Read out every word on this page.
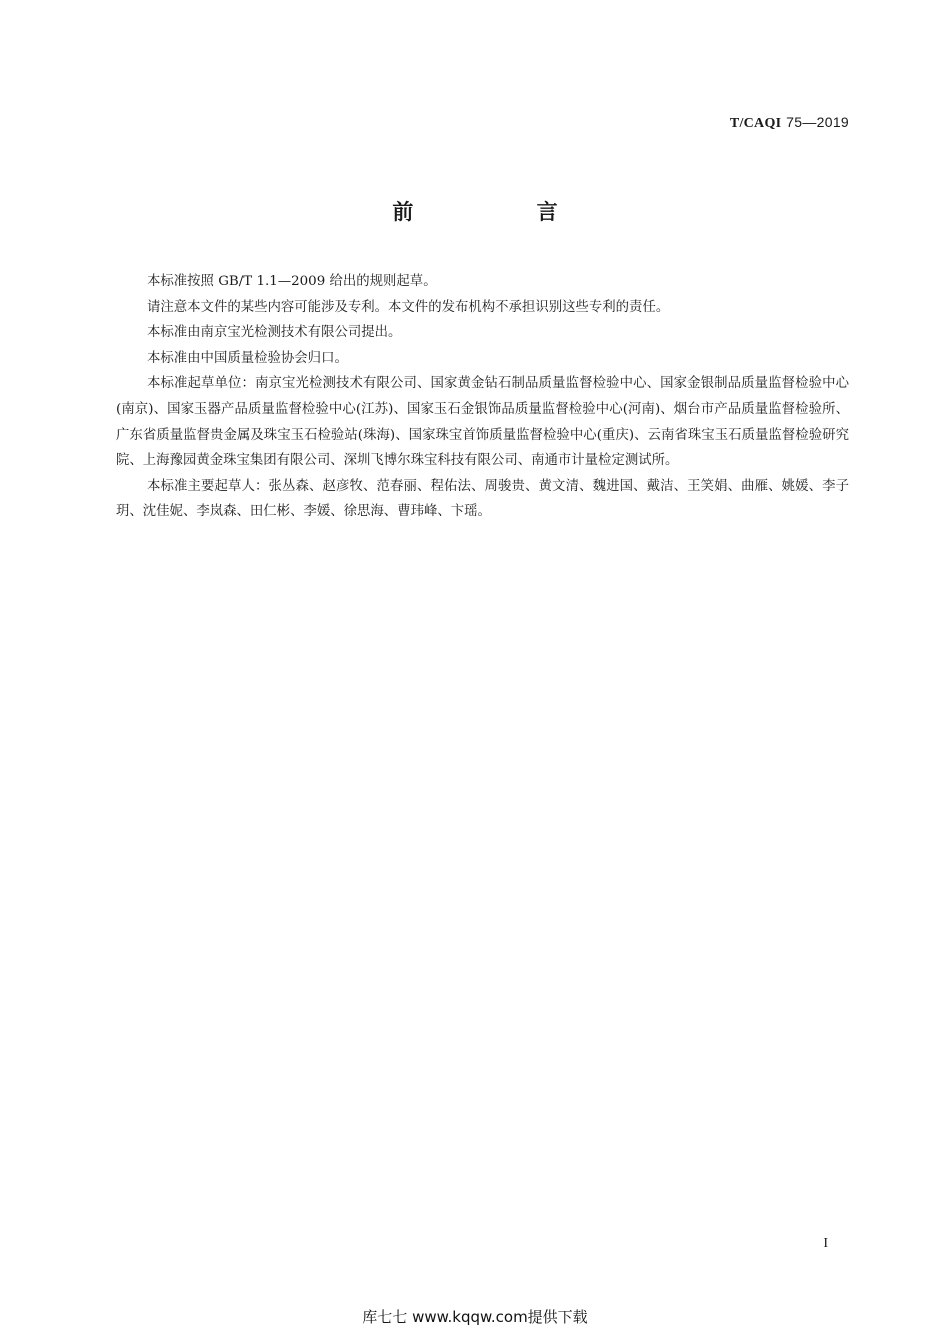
T/CAQI 75—2019
前 言

本标准按照 GB/T 1.1—2009 给出的规则起草。

请注意本文件的某些内容可能涉及专利。本文件的发布机构不承担识别这些专利的责任。

本标准由南京宝光检测技术有限公司提出。

本标准由中国质量检验协会归口。

本标准起草单位：南京宝光检测技术有限公司、国家黄金钻石制品质量监督检验中心、国家金银制品质量监督检验中心(南京)、国家玉器产品质量监督检验中心(江苏)、国家玉石金银饰品质量监督检验中心(河南)、烟台市产品质量监督检验所、广东省质量监督贵金属及珠宝玉石检验站(珠海)、国家珠宝首饰质量监督检验中心(重庆)、云南省珠宝玉石质量监督检验研究院、上海豫园黄金珠宝集团有限公司、深圳飞博尔珠宝科技有限公司、南通市计量检定测试所。

本标准主要起草人：张丛森、赵彦牧、范春丽、程佑法、周骏贵、黄文清、魏进国、戴洁、王笑娟、曲雁、姚媛、李子玥、沈佳妮、李岚森、田仁彬、李媛、徐思海、曹玮峰、卞瑶。

I
库七七 www.kqqw.com提供下载
